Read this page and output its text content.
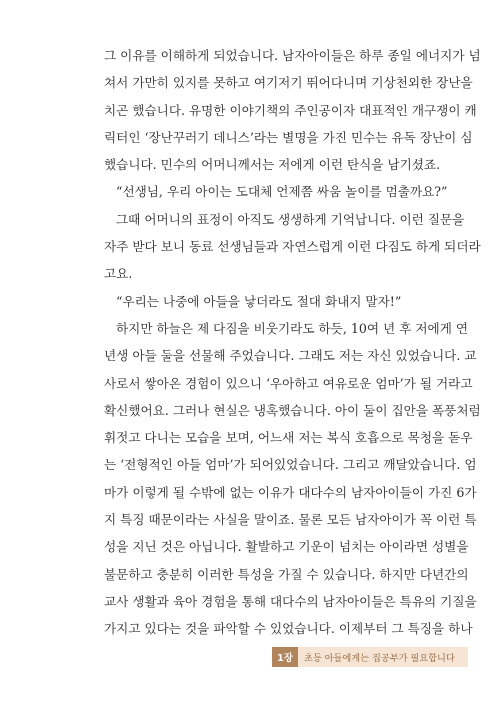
그 이유를 이해하게 되었습니다. 남자아이들은 하루 종일 에너지가 넘
쳐서 가만히 있지를 못하고 여기저기 뛰어다니며 기상천외한 장난을
치곤 했습니다. 유명한 이야기책의 주인공이자 대표적인 개구쟁이 캐
릭터인 ‘장난꾸러기 데니스’라는 별명을 가진 민수는 유독 장난이 심
했습니다. 민수의 어머니께서는 저에게 이런 탄식을 남기셨죠.
“선생님, 우리 아이는 도대체 언제쯤 싸움 놀이를 멈출까요?”
그때 어머니의 표정이 아직도 생생하게 기억납니다. 이런 질문을
자주 받다 보니 동료 선생님들과 자연스럽게 이런 다짐도 하게 되더라
고요.
“우리는 나중에 아들을 낳더라도 절대 화내지 말자!”
하지만 하늘은 제 다짐을 비웃기라도 하듯, 10여 년 후 저에게 연
년생 아들 둘을 선물해 주었습니다. 그래도 저는 자신 있었습니다. 교
사로서 쌓아온 경험이 있으니 ‘우아하고 여유로운 엄마’가 될 거라고
확신했어요. 그러나 현실은 냉혹했습니다. 아이 둘이 집안을 폭풍처럼
휘젓고 다니는 모습을 보며, 어느새 저는 복식 호흡으로 목청을 돋우
는 ‘전형적인 아들 엄마’가 되어있었습니다. 그리고 깨달았습니다. 엄
마가 이렇게 될 수밖에 없는 이유가 대다수의 남자아이들이 가진 6가
지 특징 때문이라는 사실을 말이죠. 물론 모든 남자아이가 꼭 이런 특
성을 지닌 것은 아닙니다. 활발하고 기운이 넘치는 아이라면 성별을
불문하고 충분히 이러한 특성을 가질 수 있습니다. 하지만 다년간의
교사 생활과 육아 경험을 통해 대다수의 남자아이들은 특유의 기질을
가지고 있다는 것을 파악할 수 있었습니다. 이제부터 그 특징을 하나
1장	초등 아들에게는 집공부가 필요합니다
